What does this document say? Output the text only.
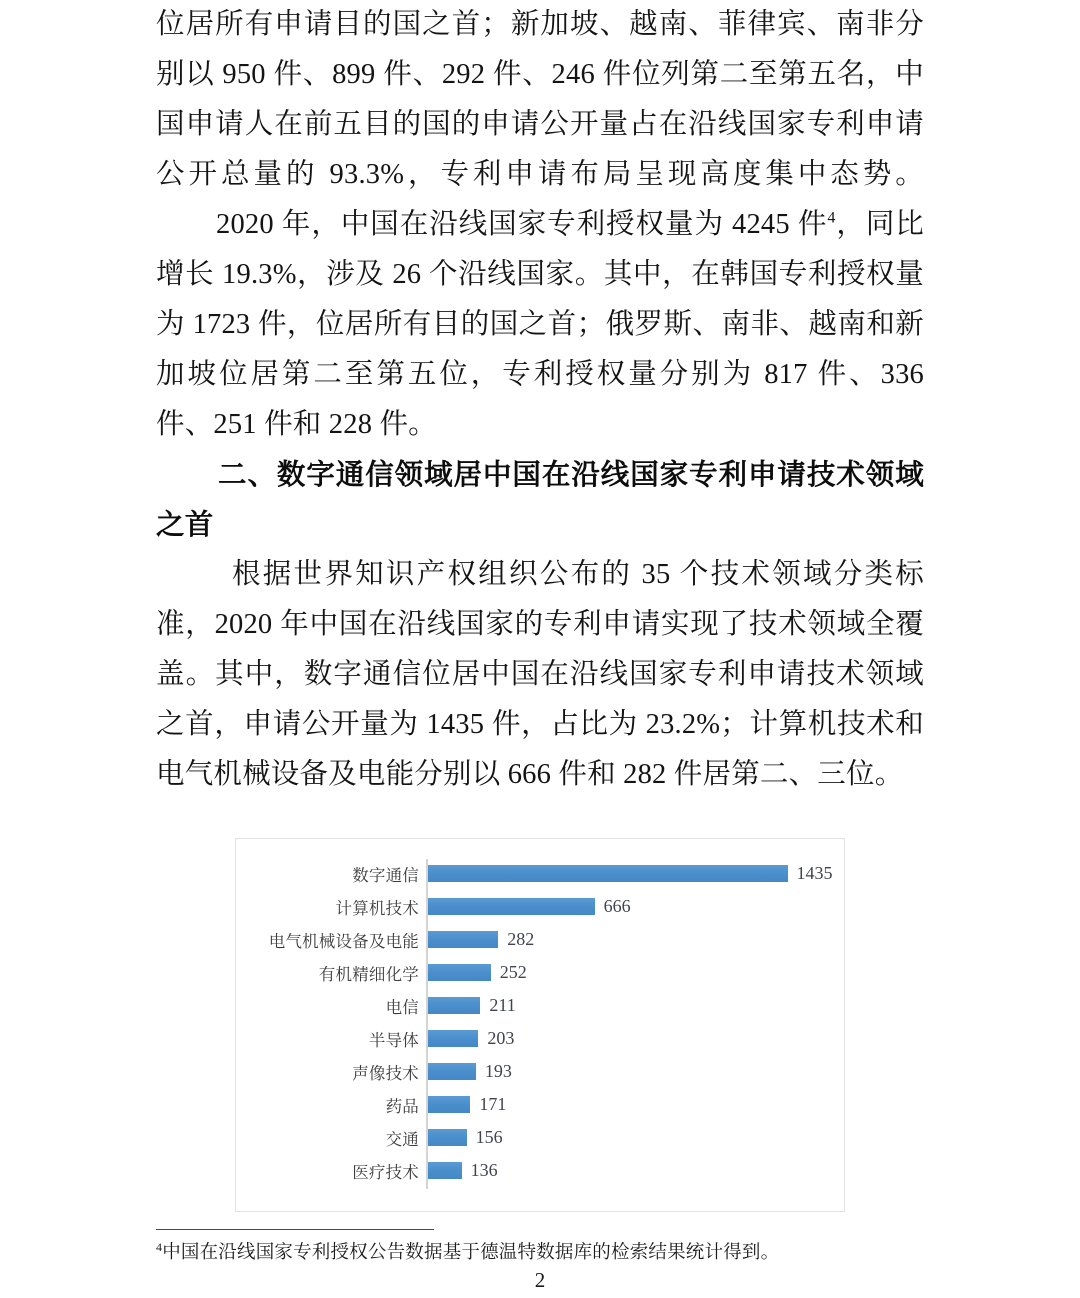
位居所有申请目的国之首；新加坡、越南、菲律宾、南非分别以 950 件、899 件、292 件、246 件位列第二至第五名，中国申请人在前五目的国的申请公开量占在沿线国家专利申请公开总量的 93.3%，专利申请布局呈现高度集中态势。

2020 年，中国在沿线国家专利授权量为 4245 件$^4$，同比增长 19.3%，涉及 26 个沿线国家。其中，在韩国专利授权量为 1723 件，位居所有目的国之首；俄罗斯、南非、越南和新加坡位居第二至第五位，专利授权量分别为 817 件、336 件、251 件和 228 件。

二、数字通信领域居中国在沿线国家专利申请技术领域
之首

根据世界知识产权组织公布的 35 个技术领域分类标准，2020 年中国在沿线国家的专利申请实现了技术领域全覆盖。其中，数字通信位居中国在沿线国家专利申请技术领域之首，申请公开量为 1435 件，占比为 23.2%；计算机技术和电气机械设备及电能分别以 666 件和 282 件居第二、三位。

数字通信	1435
计算机技术	666
电气机械设备及电能	282
有机精细化学	252
电信	211
半导体	203
声像技术	193
药品	171
交通	156
医疗技术	136
$^4$中国在沿线国家专利授权公告数据基于德温特数据库的检索结果统计得到。
2
